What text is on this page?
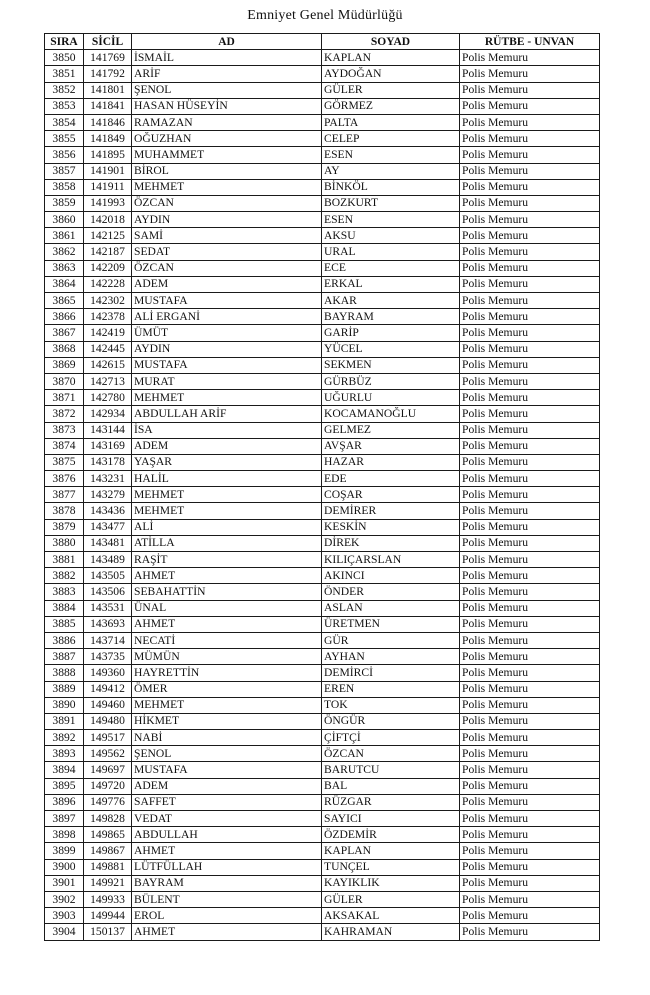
Emniyet Genel Müdürlüğü
SIRA	SİCİL	AD	SOYAD	RÜTBE - UNVAN
3850	141769	İSMAİL	KAPLAN	Polis Memuru
3851	141792	ARİF	AYDOĞAN	Polis Memuru
3852	141801	ŞENOL	GÜLER	Polis Memuru
3853	141841	HASAN HÜSEYİN	GÖRMEZ	Polis Memuru
3854	141846	RAMAZAN	PALTA	Polis Memuru
3855	141849	OĞUZHAN	CELEP	Polis Memuru
3856	141895	MUHAMMET	ESEN	Polis Memuru
3857	141901	BİROL	AY	Polis Memuru
3858	141911	MEHMET	BİNKÖL	Polis Memuru
3859	141993	ÖZCAN	BOZKURT	Polis Memuru
3860	142018	AYDIN	ESEN	Polis Memuru
3861	142125	SAMİ	AKSU	Polis Memuru
3862	142187	SEDAT	URAL	Polis Memuru
3863	142209	ÖZCAN	ECE	Polis Memuru
3864	142228	ADEM	ERKAL	Polis Memuru
3865	142302	MUSTAFA	AKAR	Polis Memuru
3866	142378	ALİ ERGANİ	BAYRAM	Polis Memuru
3867	142419	ÜMÜT	GARİP	Polis Memuru
3868	142445	AYDIN	YÜCEL	Polis Memuru
3869	142615	MUSTAFA	SEKMEN	Polis Memuru
3870	142713	MURAT	GÜRBÜZ	Polis Memuru
3871	142780	MEHMET	UĞURLU	Polis Memuru
3872	142934	ABDULLAH ARİF	KOCAMANOĞLU	Polis Memuru
3873	143144	İSA	GELMEZ	Polis Memuru
3874	143169	ADEM	AVŞAR	Polis Memuru
3875	143178	YAŞAR	HAZAR	Polis Memuru
3876	143231	HALİL	EDE	Polis Memuru
3877	143279	MEHMET	COŞAR	Polis Memuru
3878	143436	MEHMET	DEMİRER	Polis Memuru
3879	143477	ALİ	KESKİN	Polis Memuru
3880	143481	ATİLLA	DİREK	Polis Memuru
3881	143489	RAŞİT	KILIÇARSLAN	Polis Memuru
3882	143505	AHMET	AKINCI	Polis Memuru
3883	143506	SEBAHATTİN	ÖNDER	Polis Memuru
3884	143531	ÜNAL	ASLAN	Polis Memuru
3885	143693	AHMET	ÜRETMEN	Polis Memuru
3886	143714	NECATİ	GÜR	Polis Memuru
3887	143735	MÜMÜN	AYHAN	Polis Memuru
3888	149360	HAYRETTİN	DEMİRCİ	Polis Memuru
3889	149412	ÖMER	EREN	Polis Memuru
3890	149460	MEHMET	TOK	Polis Memuru
3891	149480	HİKMET	ÖNGÜR	Polis Memuru
3892	149517	NABİ	ÇİFTÇİ	Polis Memuru
3893	149562	ŞENOL	ÖZCAN	Polis Memuru
3894	149697	MUSTAFA	BARUTCU	Polis Memuru
3895	149720	ADEM	BAL	Polis Memuru
3896	149776	SAFFET	RÜZGAR	Polis Memuru
3897	149828	VEDAT	SAYICI	Polis Memuru
3898	149865	ABDULLAH	ÖZDEMİR	Polis Memuru
3899	149867	AHMET	KAPLAN	Polis Memuru
3900	149881	LÜTFÜLLAH	TUNÇEL	Polis Memuru
3901	149921	BAYRAM	KAYIKLIK	Polis Memuru
3902	149933	BÜLENT	GÜLER	Polis Memuru
3903	149944	EROL	AKSAKAL	Polis Memuru
3904	150137	AHMET	KAHRAMAN	Polis Memuru
